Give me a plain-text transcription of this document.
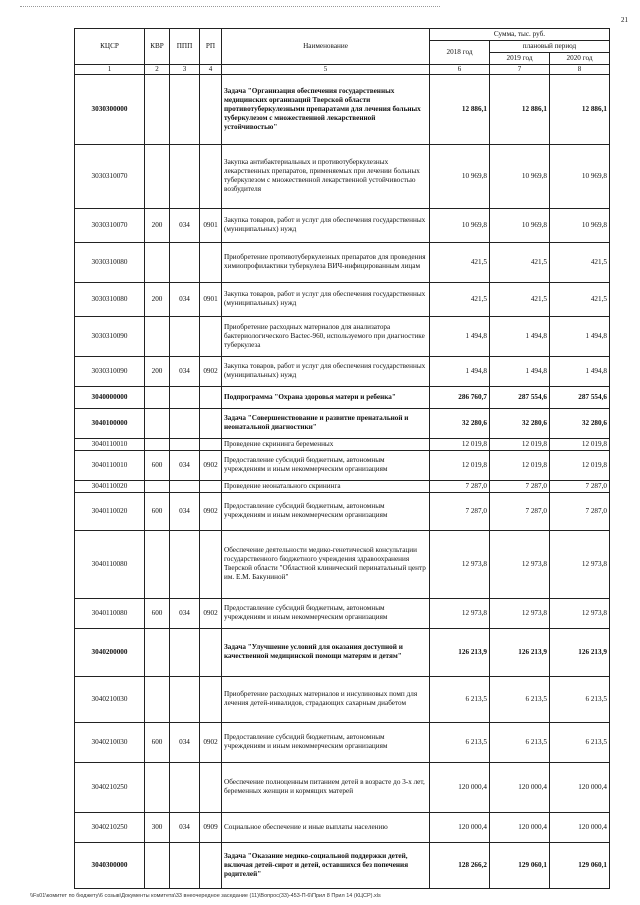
21
КЦСР	КВР	ППП	РП	Наименование	Сумма, тыс. руб.		
					2018 год	плановый период	
						2019 год	2020 год
1	2	3	4	5	6	7	8
3030300000				Задача "Организация обеспечения государственных медицинских организаций Тверской области противотуберкулезными препаратами для лечения больных туберкулезом с множественной лекарственной устойчивостью"	12 886,1	12 886,1	12 886,1
3030310070				Закупка антибактериальных и противотуберкулезных лекарственных препаратов, применяемых при лечении больных туберкулезом с множественной лекарственной устойчивостью возбудителя	10 969,8	10 969,8	10 969,8
3030310070	200	034	0901	Закупка товаров, работ и услуг для обеспечения государственных (муниципальных) нужд	10 969,8	10 969,8	10 969,8
3030310080				Приобретение противотуберкулезных препаратов для проведения химиопрофилактики туберкулеза ВИЧ-инфицированным лицам	421,5	421,5	421,5
3030310080	200	034	0901	Закупка товаров, работ и услуг для обеспечения государственных (муниципальных) нужд	421,5	421,5	421,5
3030310090				Приобретение расходных материалов для анализатора бактериологического Bactec-960, используемого при диагностике туберкулеза	1 494,8	1 494,8	1 494,8
3030310090	200	034	0902	Закупка товаров, работ и услуг для обеспечения государственных (муниципальных) нужд	1 494,8	1 494,8	1 494,8
3040000000				Подпрограмма "Охрана здоровья матери и ребенка"	286 760,7	287 554,6	287 554,6
3040100000				Задача "Совершенствование и развитие пренатальной и неонатальной диагностики"	32 280,6	32 280,6	32 280,6
3040110010				Проведение скрининга беременных	12 019,8	12 019,8	12 019,8
3040110010	600	034	0902	Предоставление субсидий бюджетным, автономным учреждениям и иным некоммерческим организациям	12 019,8	12 019,8	12 019,8
3040110020				Проведение неонатального скрининга	7 287,0	7 287,0	7 287,0
3040110020	600	034	0902	Предоставление субсидий бюджетным, автономным учреждениям и иным некоммерческим организациям	7 287,0	7 287,0	7 287,0
3040110080				Обеспечение деятельности медико-генетической консультации государственного бюджетного учреждения здравоохранения Тверской области "Областной клинический перинатальный центр им. Е.М. Бакуниной"	12 973,8	12 973,8	12 973,8
3040110080	600	034	0902	Предоставление субсидий бюджетным, автономным учреждениям и иным некоммерческим организациям	12 973,8	12 973,8	12 973,8
3040200000				Задача "Улучшение условий для оказания доступной и качественной медицинской помощи матерям и детям"	126 213,9	126 213,9	126 213,9
3040210030				Приобретение расходных материалов и инсулиновых помп для лечения детей-инвалидов, страдающих сахарным диабетом	6 213,5	6 213,5	6 213,5
3040210030	600	034	0902	Предоставление субсидий бюджетным, автономным учреждениям и иным некоммерческим организациям	6 213,5	6 213,5	6 213,5
3040210250				Обеспечение полноценным питанием детей в возрасте до 3-х лет, беременных женщин и кормящих матерей	120 000,4	120 000,4	120 000,4
3040210250	300	034	0909	Социальное обеспечение и иные выплаты населению	120 000,4	120 000,4	120 000,4
3040300000				Задача "Оказание медико-социальной поддержки детей, включая детей-сирот и детей, оставшихся без попечения родителей"	128 266,2	129 060,1	129 060,1
\\Fs01\комитет по бюджету\6 созыв\Документы комитета\33 внеочередное заседание (11)\Вопрос(33)-453-П-6\Прил 8 Прил 14 (КЦСР).xls
